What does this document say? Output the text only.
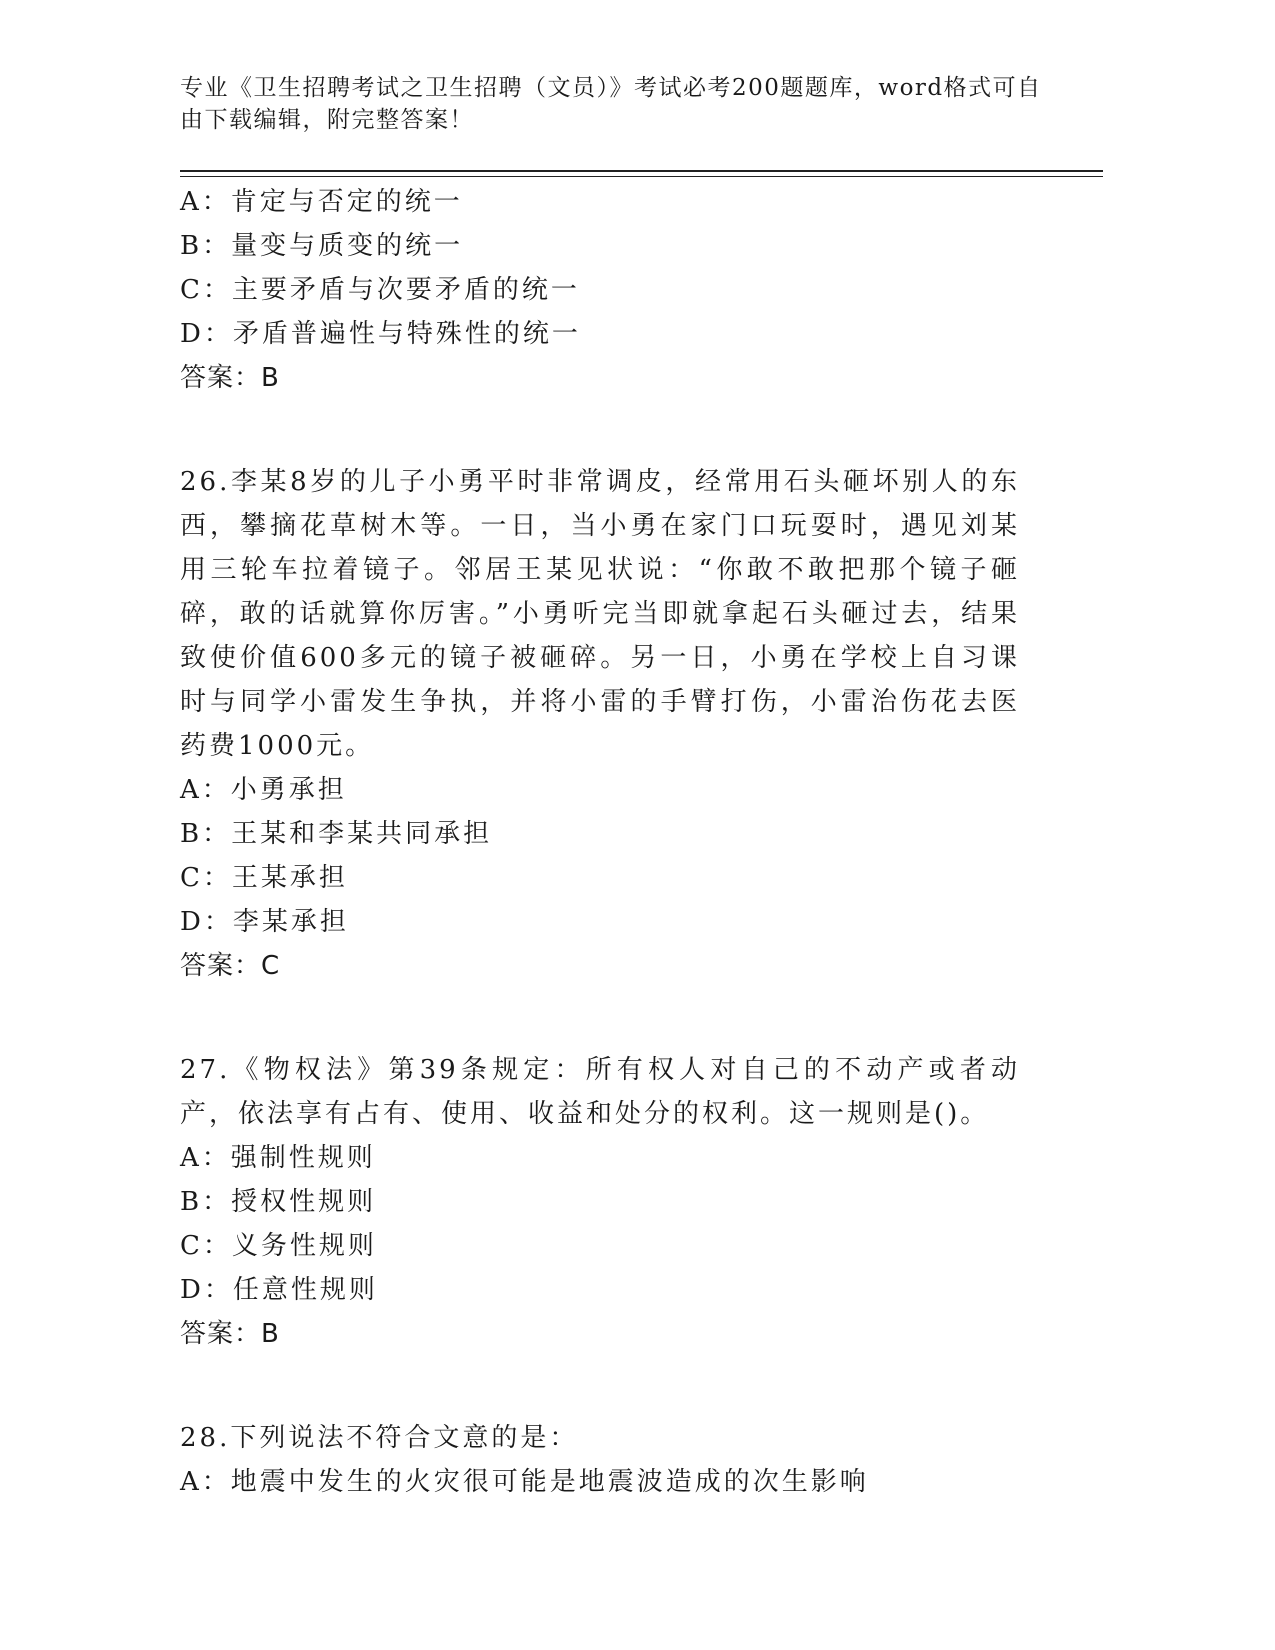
专业《卫生招聘考试之卫生招聘（文员）》考试必考200题题库，word格式可自由下载编辑，附完整答案！
A：肯定与否定的统一
B：量变与质变的统一
C：主要矛盾与次要矛盾的统一
D：矛盾普遍性与特殊性的统一
答案：B
26.李某8岁的儿子小勇平时非常调皮，经常用石头砸坏别人的东西，攀摘花草树木等。一日，当小勇在家门口玩耍时，遇见刘某用三轮车拉着镜子。邻居王某见状说：“你敢不敢把那个镜子砸碎，敢的话就算你厉害。”小勇听完当即就拿起石头砸过去，结果致使价值600多元的镜子被砸碎。另一日，小勇在学校上自习课时与同学小雷发生争执，并将小雷的手臂打伤，小雷治伤花去医药费1000元。
A：小勇承担
B：王某和李某共同承担
C：王某承担
D：李某承担
答案：C
27.《物权法》第39条规定：所有权人对自己的不动产或者动产，依法享有占有、使用、收益和处分的权利。这一规则是()。
A：强制性规则
B：授权性规则
C：义务性规则
D：任意性规则
答案：B
28.下列说法不符合文意的是：
A：地震中发生的火灾很可能是地震波造成的次生影响
